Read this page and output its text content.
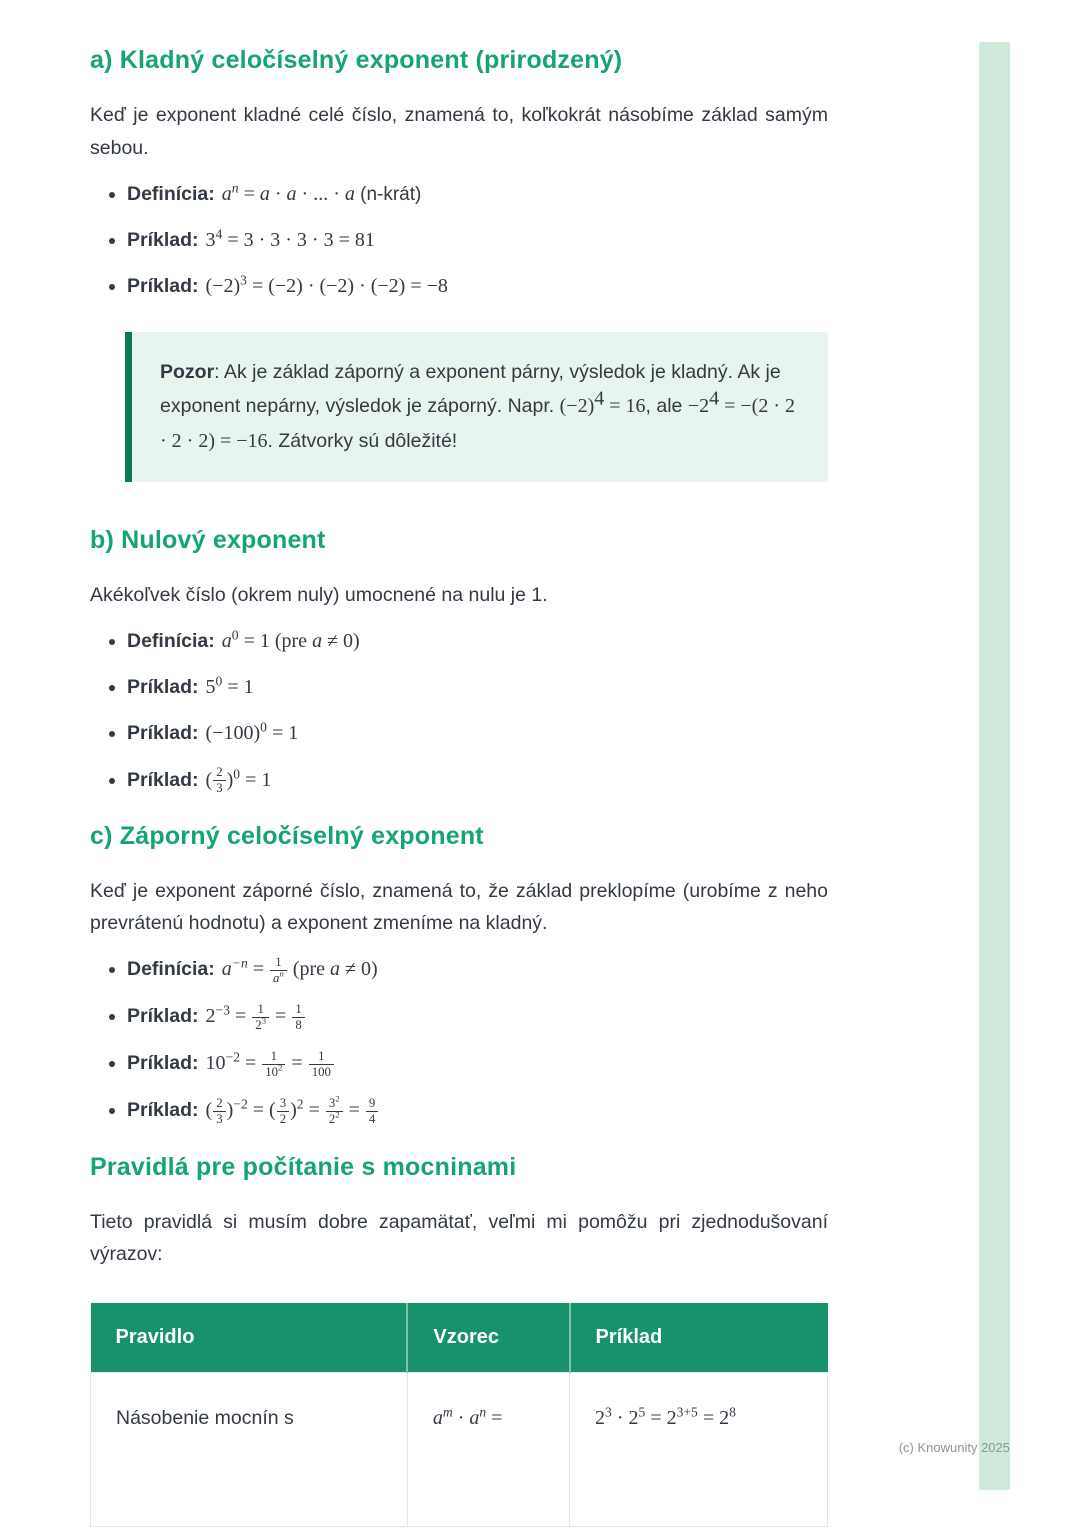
a) Kladný celočíselný exponent (prirodzený)

Keď je exponent kladné celé číslo, znamená to, koľkokrát násobíme základ samým sebou.

• Definícia: $a^n = a \cdot a$ · ... · a (n-krát)
• Príklad: $3^4 = 3 \cdot 3 \cdot 3 \cdot 3 = 81$
• Príklad: $(-2)^3 = (-2) \cdot (-2) \cdot (-2) = -8$

Pozor: Ak je základ záporný a exponent párny, výsledok je kladný. Ak je exponent nepárny, výsledok je záporný. Napr. $(-2)^4 = 16$, ale $-2^4 = -(2 \cdot 2 \cdot 2 \cdot 2) = -16$. Zátvorky sú dôležité!

b) Nulový exponent

Akékoľvek číslo (okrem nuly) umocnené na nulu je 1.

• Definícia: $a^0 = 1$ (pre a ≠ 0)
• Príklad: $5^0 = 1$
• Príklad: $(-100)^0 = 1$
• Príklad: ( $\frac{2}{3} )^0 = 1$
c) Záporný celočíselný exponent

Keď je exponent záporné číslo, znamená to, že základ preklopíme (urobíme z neho prevrátenú hodnotu) a exponent zmeníme na kladný.

• Definícia: $a^{-n} = \frac{1}{a^n} (pre$ a ≠ 0)
• Príklad: $2^{-3} = \frac{1}{2^3} = \frac{1}{8}$
• Príklad: $10^{-2} = \frac{1}{10^2} = \frac{1}{100}$
• Príklad: ( $\frac{2}{3} )^{-2}$ = ( $\frac{3}{2} )^2 = \frac{3^2}{2^2} = \frac{9}{4}$
Pravidlá pre počítanie s mocninami

Tieto pravidlá si musím dobre zapamätať, veľmi mi pomôžu pri zjednodušovaní výrazov:

Pravidlo	Vzorec	Príklad
Násobenie mocnín s	$a^m \cdot a^n$ =	$2^3 \cdot 2^5 = 2^{3+5} = 2^8$
(c) Knowunity 2025
